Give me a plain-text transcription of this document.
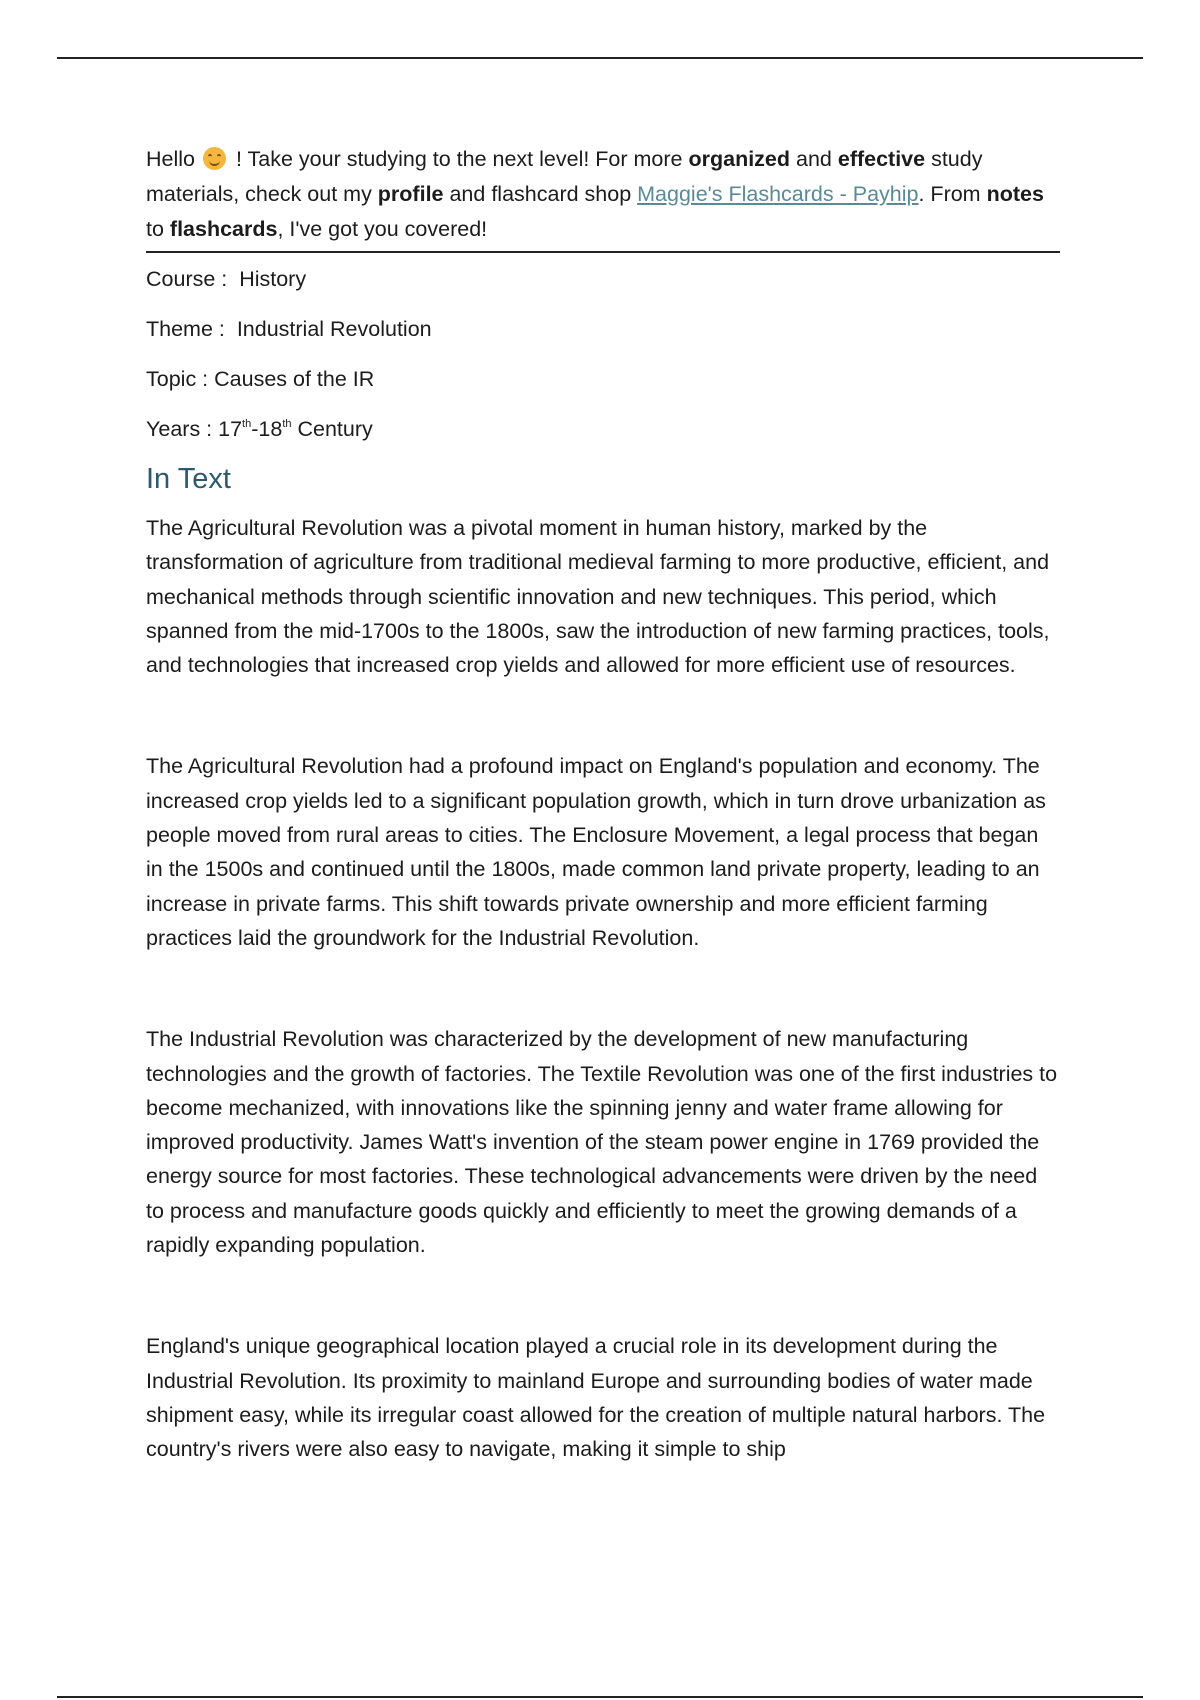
Hello
! Take your studying to the next level! For more organized and effective study materials, check out my profile and flashcard shop Maggie's Flashcards - Payhip. From notes to flashcards, I've got you covered!

Course :  History

Theme :  Industrial Revolution

Topic : Causes of the IR

Years : 17th-18th Century

In Text

The Agricultural Revolution was a pivotal moment in human history, marked by the transformation of agriculture from traditional medieval farming to more productive, efficient, and mechanical methods through scientific innovation and new techniques. This period, which spanned from the mid-1700s to the 1800s, saw the introduction of new farming practices, tools, and technologies that increased crop yields and allowed for more efficient use of resources.

The Agricultural Revolution had a profound impact on England's population and economy. The increased crop yields led to a significant population growth, which in turn drove urbanization as people moved from rural areas to cities. The Enclosure Movement, a legal process that began in the 1500s and continued until the 1800s, made common land private property, leading to an increase in private farms. This shift towards private ownership and more efficient farming practices laid the groundwork for the Industrial Revolution.

The Industrial Revolution was characterized by the development of new manufacturing technologies and the growth of factories. The Textile Revolution was one of the first industries to become mechanized, with innovations like the spinning jenny and water frame allowing for improved productivity. James Watt's invention of the steam power engine in 1769 provided the energy source for most factories. These technological advancements were driven by the need to process and manufacture goods quickly and efficiently to meet the growing demands of a rapidly expanding population.

England's unique geographical location played a crucial role in its development during the Industrial Revolution. Its proximity to mainland Europe and surrounding bodies of water made shipment easy, while its irregular coast allowed for the creation of multiple natural harbors. The country's rivers were also easy to navigate, making it simple to ship
